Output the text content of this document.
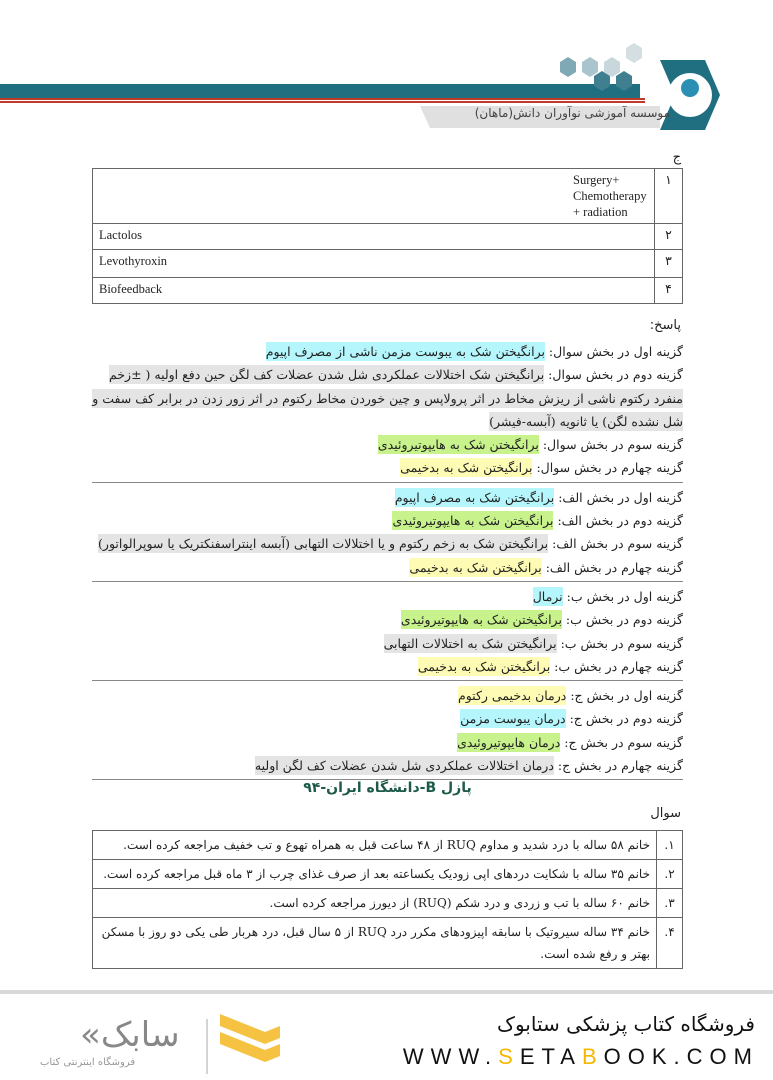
موسسه آموزشی نوآوران دانش(ماهان)
ج
۱	Surgery+ Chemotherapy + radiation
۲	Lactolos
۳	Levothyroxin
۴	Biofeedback
پاسخ:
گزینه اول در بخش سوال: برانگیختن شک به یبوست مزمن ناشی از مصرف اپیوم
گزینه دوم در بخش سوال: برانگیختن شک اختلالات عملکردی شل شدن عضلات کف لگن حین دفع اولیه ( ±زخم منفرد رکتوم ناشی از ریزش مخاط در اثر پرولاپس و چین خوردن مخاط رکتوم در اثر زور زدن در برابر کف سفت و شل نشده لگن) یا ثانویه (آبسه-فیشر)
گزینه سوم در بخش سوال: برانگیختن شک به هایپوتیروئیدی
گزینه چهارم در بخش سوال: برانگیختن شک به بدخیمی
گزینه اول در بخش الف: برانگیختن شک به مصرف اپیوم
گزینه دوم در بخش الف: برانگیختن شک به هایپوتیروئیدی
گزینه سوم در بخش الف: برانگیختن شک به زخم رکتوم و یا اختلالات التهابی (آبسه اینتراسفنکتریک یا سوپرالواتور)
گزینه چهارم در بخش الف: برانگیختن شک به بدخیمی
گزینه اول در بخش ب: نرمال
گزینه دوم در بخش ب: برانگیختن شک به هایپوتیروئیدی
گزینه سوم در بخش ب: برانگیختن شک به اختلالات التهابی
گزینه چهارم در بخش ب: برانگیختن شک به بدخیمی
گزینه اول در بخش ج: درمان بدخیمی رکتوم
گزینه دوم در بخش ج: درمان یبوست مزمن
گزینه سوم در بخش ج: درمان هایپوتیروئیدی
گزینه چهارم در بخش ج: درمان اختلالات عملکردی شل شدن عضلات کف لگن اولیه
پازل B-دانشگاه ایران-۹۴
سوال
۱.	خانم ۵۸ ساله با درد شدید و مداوم RUQ از ۴۸ ساعت قبل به همراه تهوع و تب خفیف مراجعه کرده است.
۲.	خانم ۳۵ ساله با شکایت دردهای اپی زودیک یکساعته بعد از صرف غذای چرب از ۳ ماه قبل مراجعه کرده است.
۳.	خانم ۶۰ ساله با تب و زردی و درد شکم (RUQ) از دیورز مراجعه کرده است.
۴.	خانم ۳۴ ساله سیروتیک با سابقه اپیزودهای مکرر درد RUQ از ۵ سال قبل، درد هربار طی یکی دو روز با مسکن بهتر و رفع شده است.
«سابک
فروشگاه اینترنتی کتاب
فروشگاه کتاب پزشکی ستابوک
WWW.SETABOOK.COM
